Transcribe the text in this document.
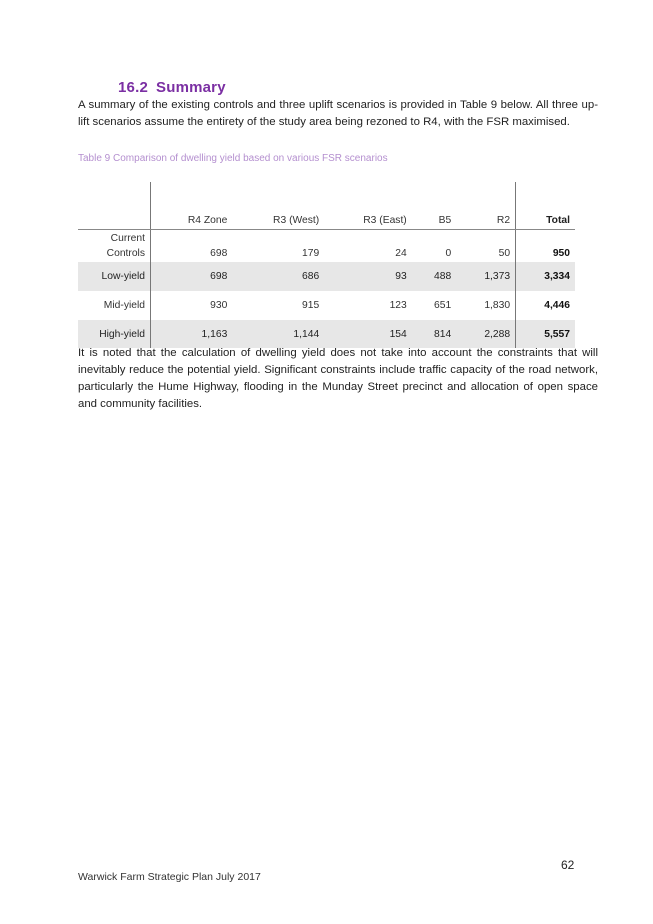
16.2 Summary

A summary of the existing controls and three uplift scenarios is provided in Table 9 below. All three up-lift scenarios assume the entirety of the study area being rezoned to R4, with the FSR maximised.

Table 9 Comparison of dwelling yield based on various FSR scenarios
	R4 Zone	R3 (West)	R3 (East)	B5	R2	Total
Current Controls	698	179	24	0	50	950
Low-yield	698	686	93	488	1,373	3,334
Mid-yield	930	915	123	651	1,830	4,446
High-yield	1,163	1,144	154	814	2,288	5,557

It is noted that the calculation of dwelling yield does not take into account the constraints that will inevitably reduce the potential yield. Significant constraints include traffic capacity of the road network, particularly the Hume Highway, flooding in the Munday Street precinct and allocation of open space and community facilities.

62
Warwick Farm Strategic Plan July 2017
